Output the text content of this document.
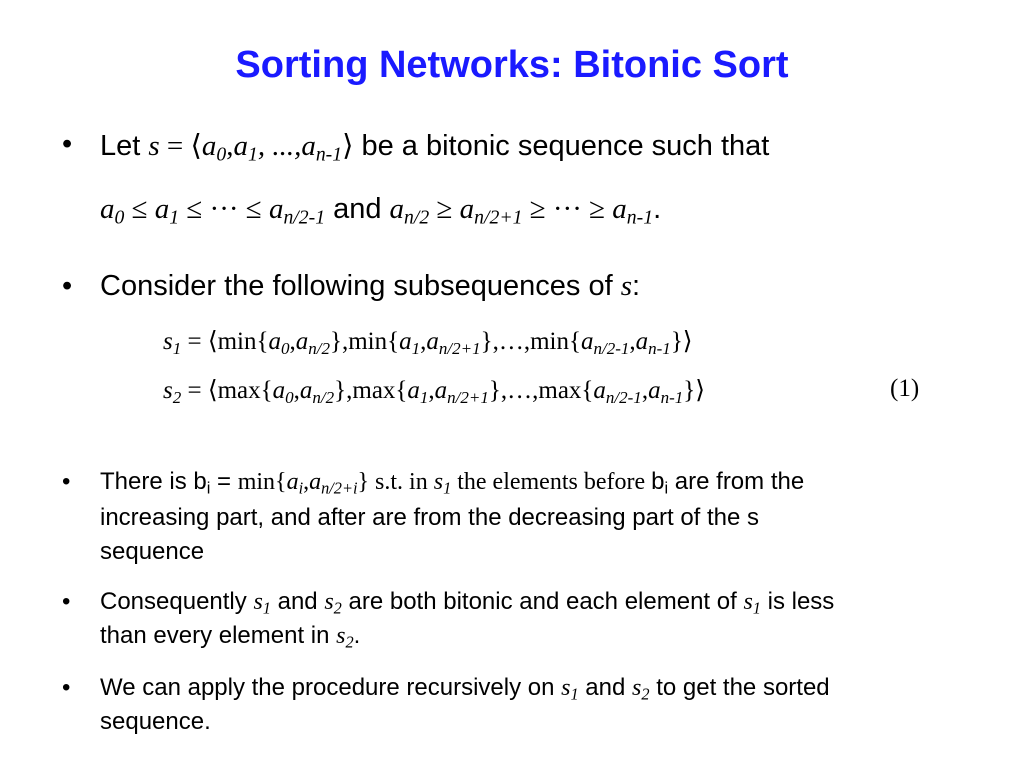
Sorting Networks: Bitonic Sort
• Let $s = ⟨a_0,a_1$, $...,a_{n-1}⟩$ be a bitonic sequence such that
$a_0 \le a_1$ ≤ ··· ≤ $a_{n/2-1}$ and $a_{n/2} \ge a_{n/2+1}$ ≥ ··· ≥ $a_{n-1}$.
• Consider the following subsequences of s:
$s_1$ = $⟨\min\{a_0,a_{n/2}\},\min\{a_1,a_{n/2+1}\},\dots,\min\{a_{n/2-1},a_{n-1}\}⟩$
$s_2$ = $⟨\max\{a_0,a_{n/2}\},\max\{a_1,a_{n/2+1}\},\dots,\max\{a_{n/2-1},a_{n-1}\}⟩$	(1)
• There is $b_i = \min\{a_i,a_{n/2+i}\}$ s.t. in $s_1$ the elements before $b_i$ are from the
increasing part, and after are from the decreasing part of the s
sequence
• Consequently $s_1$ and $s_2$ are both bitonic and each element of $s_1$ is less
than every element in $s_2$.
• We can apply the procedure recursively on $s_1$ and $s_2$ to get the sorted
sequence.
